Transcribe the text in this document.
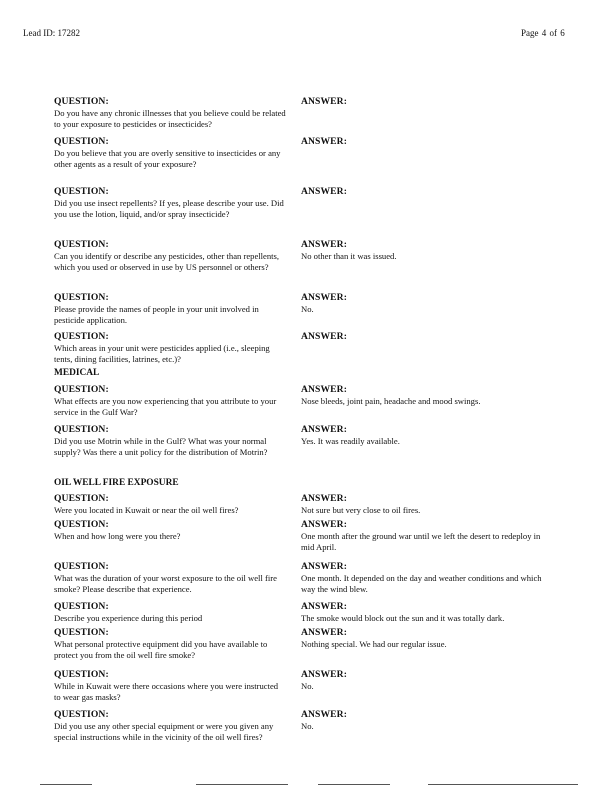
Lead ID: 17282	Page 4 of 6
QUESTION:
Do you have any chronic illnesses that you believe could be related to your exposure to pesticides or insecticides?
ANSWER:
QUESTION:
Do you believe that you are overly sensitive to insecticides or any other agents as a result of your exposure?
ANSWER:
QUESTION:
Did you use insect repellents? If yes, please describe your use. Did you use the lotion, liquid, and/or spray insecticide?
ANSWER:
QUESTION:
Can you identify or describe any pesticides, other than repellents, which you used or observed in use by US personnel or others?
ANSWER:
No other than it was issued.
QUESTION:
Please provide the names of people in your unit involved in pesticide application.
ANSWER:
No.
QUESTION:
Which areas in your unit were pesticides applied (i.e., sleeping tents, dining facilities, latrines, etc.)?
ANSWER:
MEDICAL
QUESTION:
What effects are you now experiencing that you attribute to your service in the Gulf War?
ANSWER:
Nose bleeds, joint pain, headache and mood swings.
QUESTION:
Did you use Motrin while in the Gulf? What was your normal supply? Was there a unit policy for the distribution of Motrin?
ANSWER:
Yes. It was readily available.
OIL WELL FIRE EXPOSURE
QUESTION:
Were you located in Kuwait or near the oil well fires?
ANSWER:
Not sure but very close to oil fires.
QUESTION:
When and how long were you there?
ANSWER:
One month after the ground war until we left the desert to redeploy in mid April.
QUESTION:
What was the duration of your worst exposure to the oil well fire smoke? Please describe that experience.
ANSWER:
One month. It depended on the day and weather conditions and which way the wind blew.
QUESTION:
Describe you experience during this period
ANSWER:
The smoke would block out the sun and it was totally dark.
QUESTION:
What personal protective equipment did you have available to protect you from the oil well fire smoke?
ANSWER:
Nothing special. We had our regular issue.
QUESTION:
While in Kuwait were there occasions where you were instructed to wear gas masks?
ANSWER:
No.
QUESTION:
Did you use any other special equipment or were you given any special instructions while in the vicinity of the oil well fires?
ANSWER:
No.
